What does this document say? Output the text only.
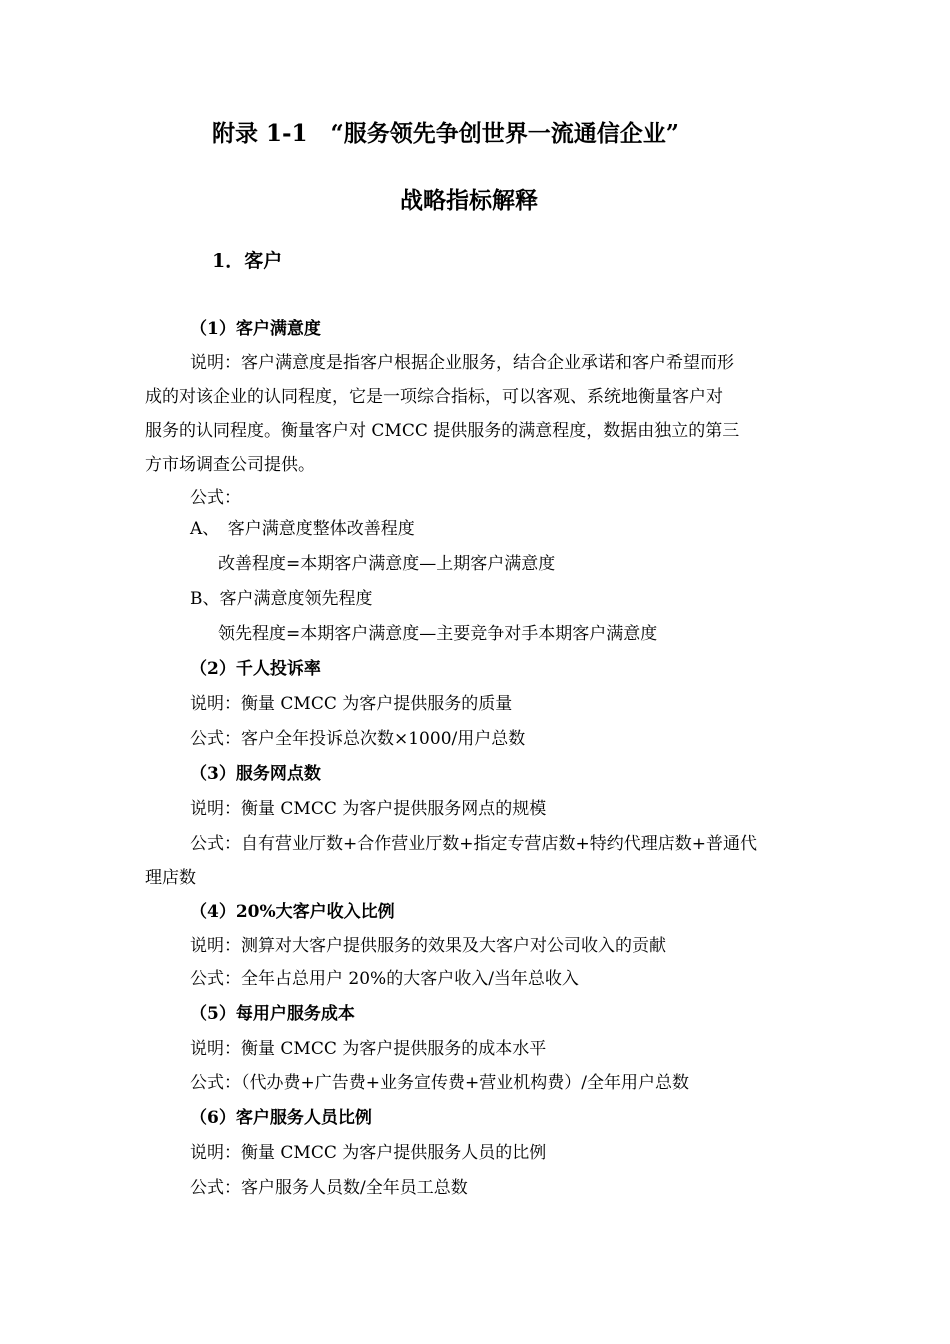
附录 1-1　“服务领先争创世界一流通信企业”
战略指标解释
1．客户
（1）客户满意度
说明：客户满意度是指客户根据企业服务，结合企业承诺和客户希望而形
成的对该企业的认同程度，它是一项综合指标，可以客观、系统地衡量客户对
服务的认同程度。衡量客户对 CMCC 提供服务的满意程度，数据由独立的第三
方市场调查公司提供。
公式：
A、　客户满意度整体改善程度
改善程度=本期客户满意度—上期客户满意度
B、客户满意度领先程度
领先程度=本期客户满意度—主要竞争对手本期客户满意度
（2）千人投诉率
说明：衡量 CMCC 为客户提供服务的质量
公式：客户全年投诉总次数×1000/用户总数
（3）服务网点数
说明：衡量 CMCC 为客户提供服务网点的规模
公式：自有营业厅数+合作营业厅数+指定专营店数+特约代理店数+普通代
理店数
（4）20%大客户收入比例
说明：测算对大客户提供服务的效果及大客户对公司收入的贡献
公式：全年占总用户 20%的大客户收入/当年总收入
（5）每用户服务成本
说明：衡量 CMCC 为客户提供服务的成本水平
公式：（代办费+广告费+业务宣传费+营业机构费）/全年用户总数
（6）客户服务人员比例
说明：衡量 CMCC 为客户提供服务人员的比例
公式：客户服务人员数/全年员工总数
